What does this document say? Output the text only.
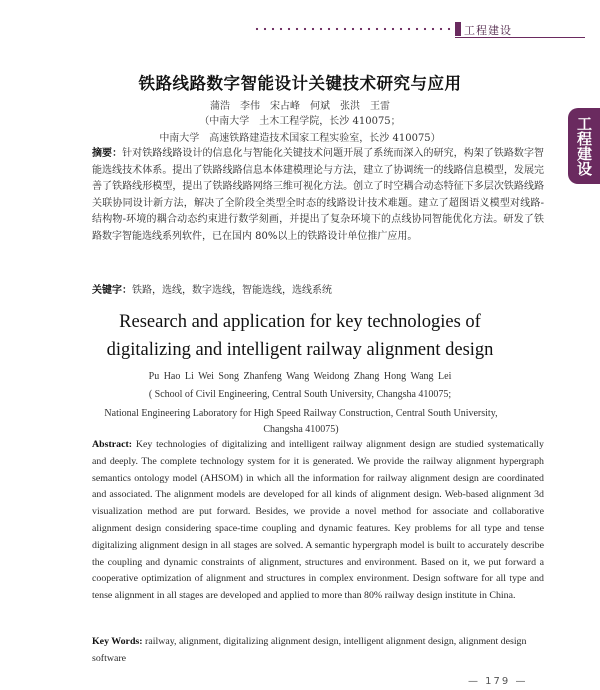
工程建设
工程建设
铁路线路数字智能设计关键技术研究与应用
蒲浩　李伟　宋占峰　何斌　张洪　王雷
（中南大学　土木工程学院，长沙 410075；
中南大学　高速铁路建造技术国家工程实验室，长沙 410075）
摘要：针对铁路线路设计的信息化与智能化关键技术问题开展了系统而深入的研究，构架了铁路数字智能选线技术体系。提出了铁路线路信息本体建模理论与方法，建立了协调统一的线路信息模型，发展完善了铁路线形模型，提出了铁路线路网络三维可视化方法。创立了时空耦合动态特征下多层次铁路线路关联协同设计新方法，解决了全阶段全类型全时态的线路设计技术难题。建立了超图语义模型对线路-结构物-环境的耦合动态约束进行数学刻画，并提出了复杂环境下的点线协同智能优化方法。研发了铁路数字智能选线系列软件，已在国内 80%以上的铁路设计单位推广应用。
关键字：铁路，选线，数字选线，智能选线，选线系统
Research and application for key technologies of
digitalizing and intelligent railway alignment design
Pu Hao Li Wei Song Zhanfeng Wang Weidong Zhang Hong Wang Lei
( School of Civil Engineering, Central South University, Changsha 410075;
National Engineering Laboratory for High Speed Railway Construction, Central South University, Changsha 410075)
Abstract: Key technologies of digitalizing and intelligent railway alignment design are studied systematically and deeply. The complete technology system for it is generated. We provide the railway alignment hypergraph semantics ontology model (AHSOM) in which all the information for railway alignment design are coordinated and associated. The alignment models are developed for all kinds of alignment design. Web-based alignment 3d visualization method are put forward. Besides, we provide a novel method for associate and collaborative alignment design considering space-time coupling and dynamic features. Key problems for all type and tense digitalizing alignment design in all stages are solved. A semantic hypergraph model is built to accurately describe the coupling and dynamic constraints of alignment, structures and environment. Based on it, we put forward a cooperative optimization of alignment and structures in complex environment. Design software for all type and tense alignment in all stages are developed and applied to more than 80% railway design institute in China.
Key Words: railway, alignment, digitalizing alignment design, intelligent alignment design, alignment design software
— 179 —
